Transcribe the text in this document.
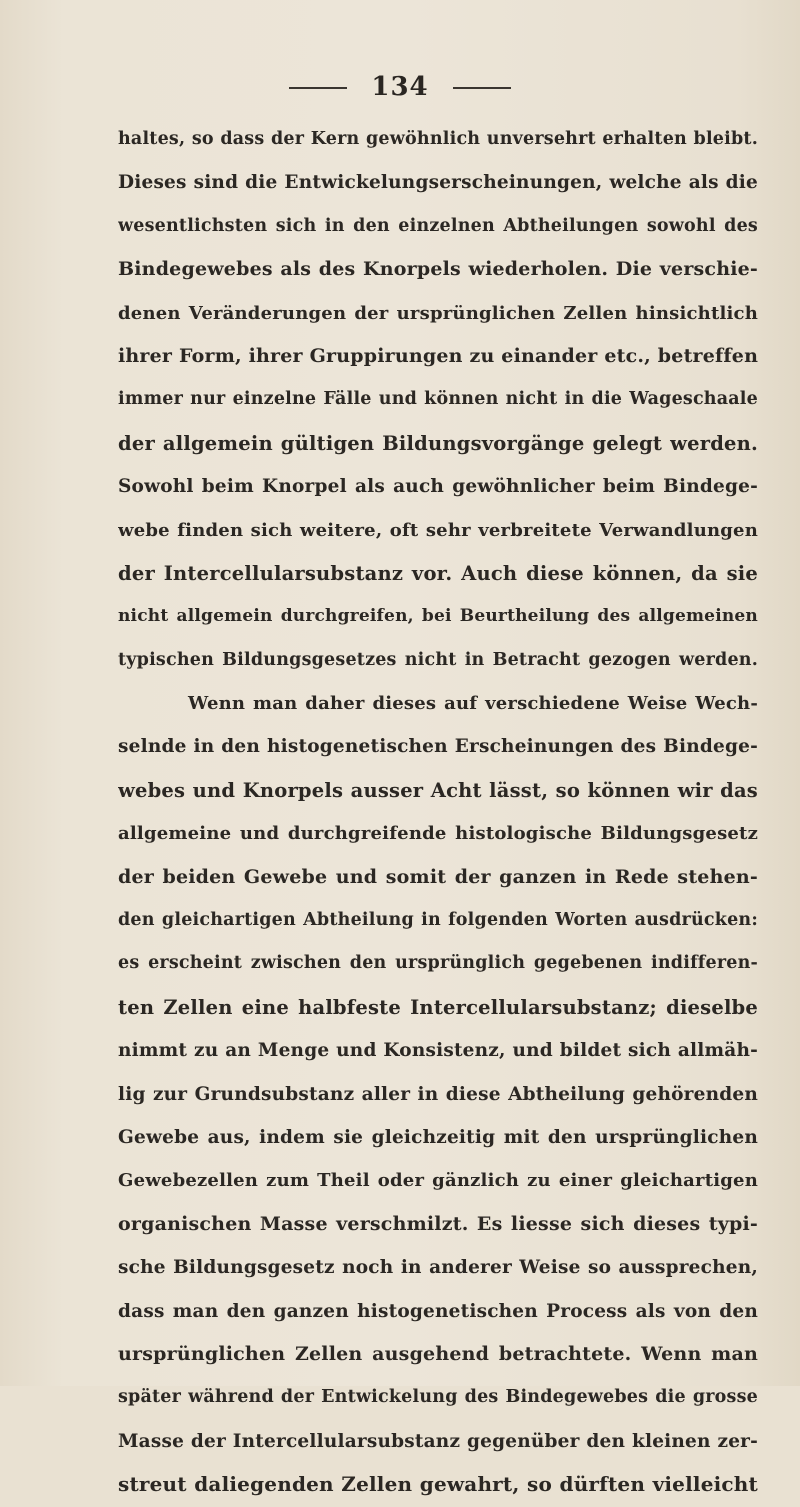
134
haltes, so dass der Kern gewöhnlich unversehrt erhalten bleibt.
Dieses sind die Entwickelungserscheinungen, welche als die
wesentlichsten sich in den einzelnen Abtheilungen sowohl des
Bindegewebes als des Knorpels wiederholen. Die verschie-
denen Veränderungen der ursprünglichen Zellen hinsichtlich
ihrer Form, ihrer Gruppirungen zu einander etc., betreffen
immer nur einzelne Fälle und können nicht in die Wageschaale
der allgemein gültigen Bildungsvorgänge gelegt werden.
Sowohl beim Knorpel als auch gewöhnlicher beim Bindege-
webe finden sich weitere, oft sehr verbreitete Verwandlungen
der Intercellularsubstanz vor. Auch diese können, da sie
nicht allgemein durchgreifen, bei Beurtheilung des allgemeinen
typischen Bildungsgesetzes nicht in Betracht gezogen werden.
Wenn man daher dieses auf verschiedene Weise Wech-
selnde in den histogenetischen Erscheinungen des Bindege-
webes und Knorpels ausser Acht lässt, so können wir das
allgemeine und durchgreifende histologische Bildungsgesetz
der beiden Gewebe und somit der ganzen in Rede stehen-
den gleichartigen Abtheilung in folgenden Worten ausdrücken:
es erscheint zwischen den ursprünglich gegebenen indifferen-
ten Zellen eine halbfeste Intercellularsubstanz; dieselbe
nimmt zu an Menge und Konsistenz, und bildet sich allmäh-
lig zur Grundsubstanz aller in diese Abtheilung gehörenden
Gewebe aus, indem sie gleichzeitig mit den ursprünglichen
Gewebezellen zum Theil oder gänzlich zu einer gleichartigen
organischen Masse verschmilzt. Es liesse sich dieses typi-
sche Bildungsgesetz noch in anderer Weise so aussprechen,
dass man den ganzen histogenetischen Process als von den
ursprünglichen Zellen ausgehend betrachtete. Wenn man
später während der Entwickelung des Bindegewebes die grosse
Masse der Intercellularsubstanz gegenüber den kleinen zer-
streut daliegenden Zellen gewahrt, so dürften vielleicht
